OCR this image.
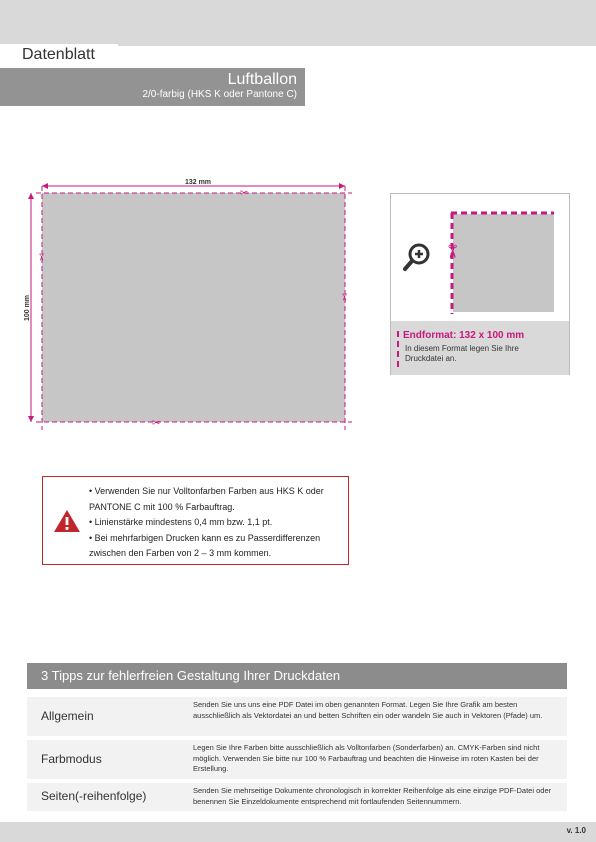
Datenblatt
Luftballon
2/0-farbig (HKS K oder Pantone C)
✂
✂
✂
✂
132 mm
100 mm
✂
Endformat: 132 x 100 mm
In diesem Format legen Sie Ihre Druckdatei an.
• Verwenden Sie nur Volltonfarben Farben aus HKS K oder PANTONE C mit 100 % Farbauftrag.
• Linienstärke mindestens 0,4 mm bzw. 1,1 pt.
• Bei mehrfarbigen Drucken kann es zu Passerdifferenzen zwischen den Farben von 2 – 3 mm kommen.
3 Tipps zur fehlerfreien Gestaltung Ihrer Druckdaten
Allgemein
Senden Sie uns uns eine PDF Datei im oben genannten Format. Legen Sie Ihre Grafik am besten ausschließlich als Vektordatei an und betten Schriften ein oder wandeln Sie auch in Vektoren (Pfade) um.
Farbmodus
Legen Sie Ihre Farben bitte ausschließlich als Volltonfarben (Sonderfarben) an. CMYK-Farben sind nicht möglich. Verwenden Sie bitte nur 100 % Farbauftrag und beachten die Hinweise im roten Kasten bei der Erstellung.
Seiten(-reihenfolge)	Senden Sie mehrseitige Dokumente chronologisch in korrekter Reihenfolge als eine einzige PDF-Datei oder benennen Sie Einzeldokumente entsprechend mit fortlaufenden Seitennummern.
v. 1.0
